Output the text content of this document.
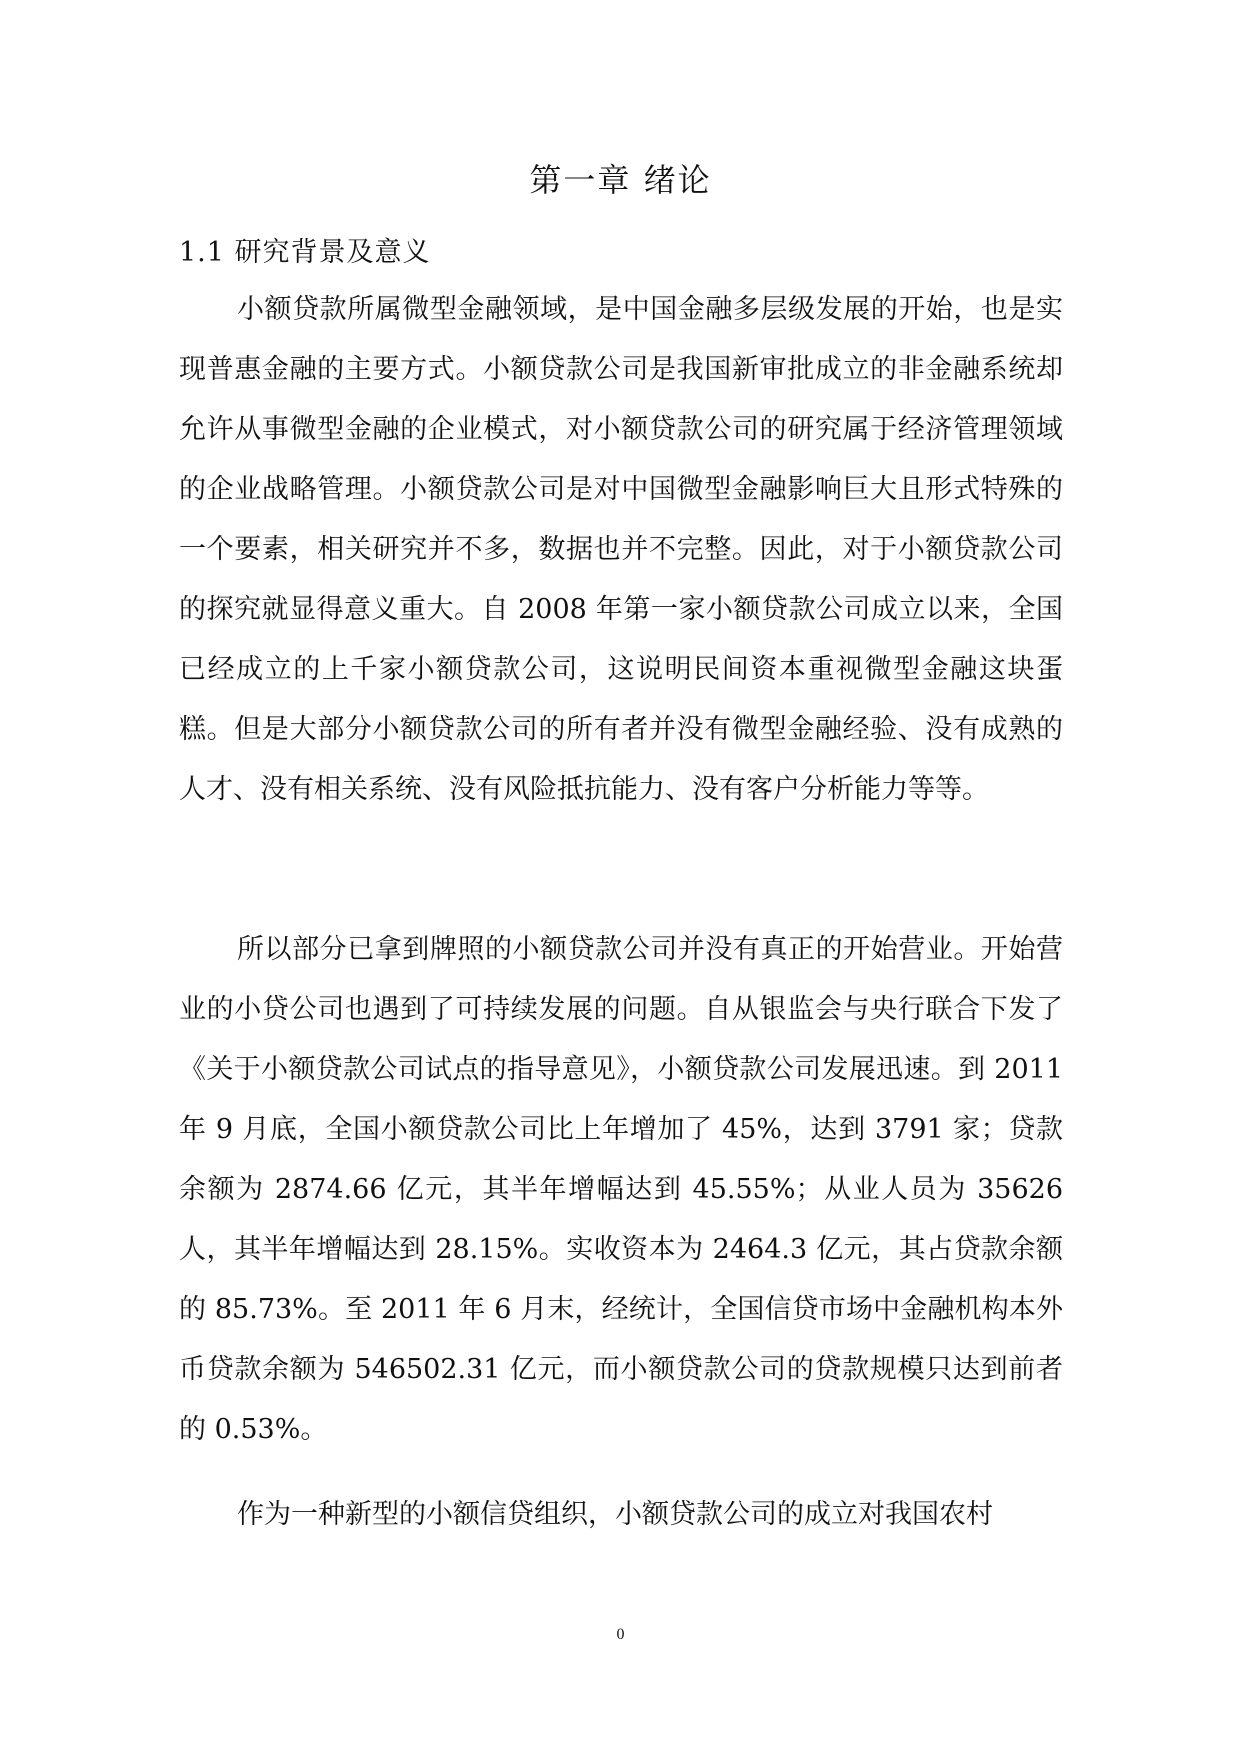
第一章 绪论
1.1 研究背景及意义

小额贷款所属微型金融领域，是中国金融多层级发展的开始，也是实现普惠金融的主要方式。小额贷款公司是我国新审批成立的非金融系统却允许从事微型金融的企业模式，对小额贷款公司的研究属于经济管理领域的企业战略管理。小额贷款公司是对中国微型金融影响巨大且形式特殊的一个要素，相关研究并不多，数据也并不完整。因此，对于小额贷款公司的探究就显得意义重大。自 2008 年第一家小额贷款公司成立以来，全国已经成立的上千家小额贷款公司，这说明民间资本重视微型金融这块蛋糕。但是大部分小额贷款公司的所有者并没有微型金融经验、没有成熟的人才、没有相关系统、没有风险抵抗能力、没有客户分析能力等等。

所以部分已拿到牌照的小额贷款公司并没有真正的开始营业。开始营业的小贷公司也遇到了可持续发展的问题。自从银监会与央行联合下发了《关于小额贷款公司试点的指导意见》，小额贷款公司发展迅速。到 2011 年 9 月底，全国小额贷款公司比上年增加了 45%，达到 3791 家；贷款余额为 2874.66 亿元，其半年增幅达到 45.55%；从业人员为 35626 人，其半年增幅达到 28.15%。实收资本为 2464.3 亿元，其占贷款余额的 85.73%。至 2011 年 6 月末，经统计，全国信贷市场中金融机构本外币贷款余额为 546502.31 亿元，而小额贷款公司的贷款规模只达到前者的 0.53%。

作为一种新型的小额信贷组织，小额贷款公司的成立对我国农村

0
